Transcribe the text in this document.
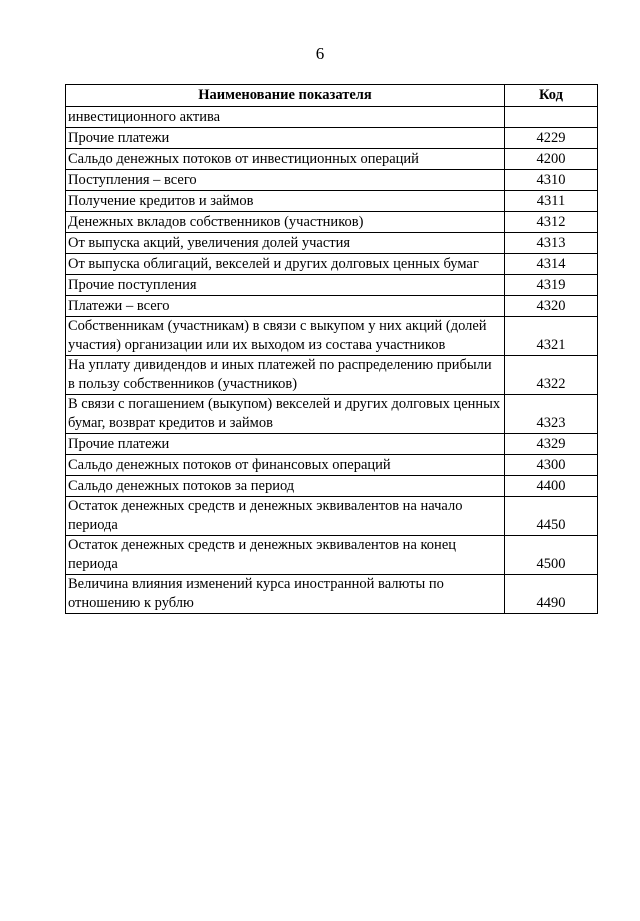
6
Наименование показателя	Код
инвестиционного актива	
Прочие платежи	4229
Сальдо денежных потоков от инвестиционных операций	4200
Поступления – всего	4310
Получение кредитов и займов	4311
Денежных вкладов собственников (участников)	4312
От выпуска акций, увеличения долей участия	4313
От выпуска облигаций, векселей и других долговых ценных бумаг	4314
Прочие поступления	4319
Платежи – всего	4320
Собственникам (участникам) в связи с выкупом у них акций (долей участия) организации или их выходом из состава участников	4321
На уплату дивидендов и иных платежей по распределению прибыли в пользу собственников (участников)	4322
В связи с погашением (выкупом) векселей и других долговых ценных бумаг, возврат кредитов и займов	4323
Прочие платежи	4329
Сальдо денежных потоков от финансовых операций	4300
Сальдо денежных потоков за период	4400
Остаток денежных средств и денежных эквивалентов на начало периода	4450
Остаток денежных средств и денежных эквивалентов на конец периода	4500
Величина влияния изменений курса иностранной валюты по отношению к рублю	4490
